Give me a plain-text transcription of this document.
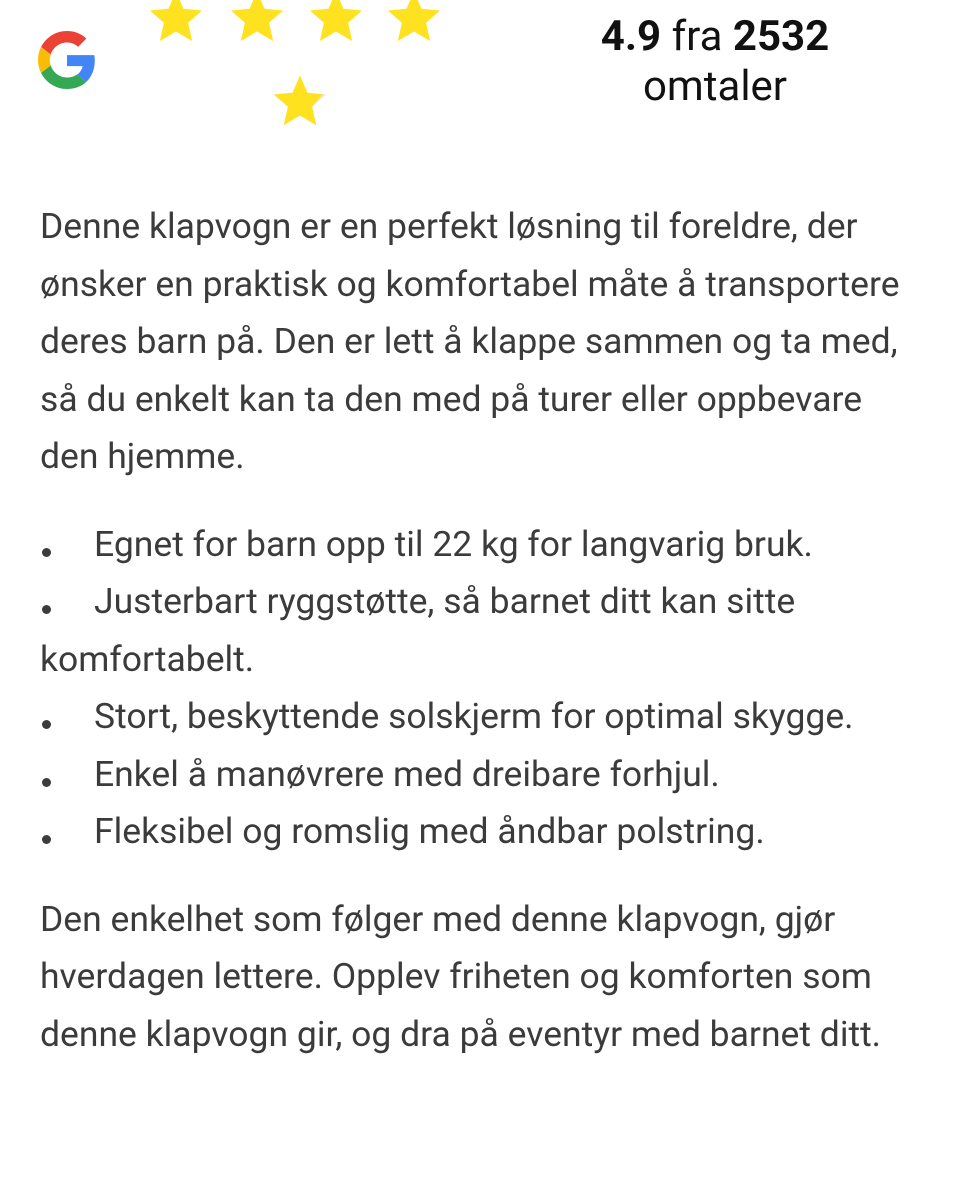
4.9 fra 2532
omtaler

Denne klapvogn er en perfekt løsning til foreldre, der ønsker en praktisk og komfortabel måte å transportere deres barn på. Den er lett å klappe sammen og ta med, så du enkelt kan ta den med på turer eller oppbevare den hjemme.

Egnet for barn opp til 22 kg for langvarig bruk.
Justerbart ryggstøtte, så barnet ditt kan sitte komfortabelt.
Stort, beskyttende solskjerm for optimal skygge.
Enkel å manøvrere med dreibare forhjul.
Fleksibel og romslig med åndbar polstring.

Den enkelhet som følger med denne klapvogn, gjør hverdagen lettere. Opplev friheten og komforten som denne klapvogn gir, og dra på eventyr med barnet ditt.
